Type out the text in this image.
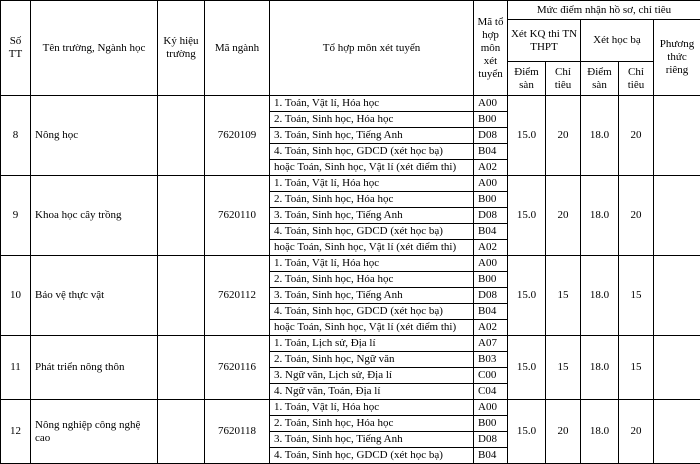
Số TT	Tên trường, Ngành học	Ký hiệu trường	Mã ngành	Tổ hợp môn xét tuyển	Mã tổ hợp môn xét tuyển	Mức điểm nhận hồ sơ, chỉ tiêu				
						Xét KQ thi TN THPT		Xét học bạ		Phương thức riêng
						Điểm sàn	Chỉ tiêu	Điểm sàn	Chỉ tiêu	
8	Nông học		7620109	1. Toán, Vật lí, Hóa học	A00	15.0	20	18.0	20	
				2. Toán, Sinh học, Hóa học	B00					
				3. Toán, Sinh học, Tiếng Anh	D08					
				4. Toán, Sinh học, GDCD (xét học bạ)	B04					
				hoặc Toán, Sinh học, Vật lí (xét điểm thi)	A02					
9	Khoa học cây trồng		7620110	1. Toán, Vật lí, Hóa học	A00	15.0	20	18.0	20	
				2. Toán, Sinh học, Hóa học	B00					
				3. Toán, Sinh học, Tiếng Anh	D08					
				4. Toán, Sinh học, GDCD (xét học bạ)	B04					
				hoặc Toán, Sinh học, Vật lí (xét điểm thi)	A02					
10	Bảo vệ thực vật		7620112	1. Toán, Vật lí, Hóa học	A00	15.0	15	18.0	15	
				2. Toán, Sinh học, Hóa học	B00					
				3. Toán, Sinh học, Tiếng Anh	D08					
				4. Toán, Sinh học, GDCD (xét học bạ)	B04					
				hoặc Toán, Sinh học, Vật lí (xét điểm thi)	A02					
11	Phát triển nông thôn		7620116	1. Toán, Lịch sử, Địa lí	A07	15.0	15	18.0	15	
				2. Toán, Sinh học, Ngữ văn	B03					
				3. Ngữ văn, Lịch sử, Địa lí	C00					
				4. Ngữ văn, Toán, Địa lí	C04					
12	Nông nghiệp công nghệ cao		7620118	1. Toán, Vật lí, Hóa học	A00	15.0	20	18.0	20	
				2. Toán, Sinh học, Hóa học	B00					
				3. Toán, Sinh học, Tiếng Anh	D08					
				4. Toán, Sinh học, GDCD (xét học bạ)	B04					
